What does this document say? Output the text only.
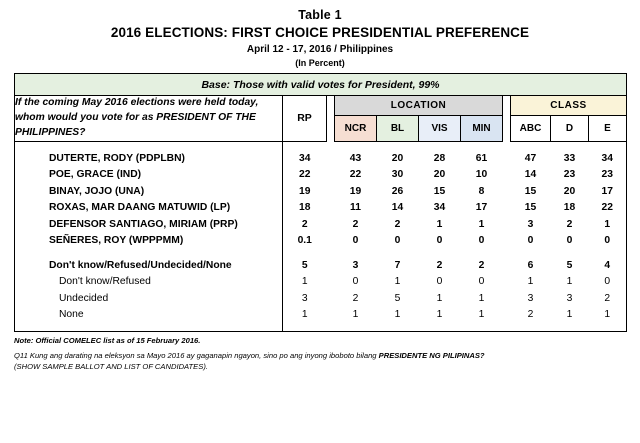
Table 1
2016 ELECTIONS: FIRST CHOICE PRESIDENTIAL PREFERENCE
April 12 - 17, 2016 / Philippines
(In Percent)
Base: Those with valid votes for President, 99%										
If the coming May 2016 elections were held today, whom would you vote for as PRESIDENT OF THE PHILIPPINES?	RP		LOCATION					CLASS		
			NCR	BL	VIS	MIN		ABC	D	E

DUTERTE, RODY (PDPLBN)	34		43	20	28	61		47	33	34
POE, GRACE (IND)	22		22	30	20	10		14	23	23
BINAY, JOJO (UNA)	19		19	26	15	8		15	20	17
ROXAS, MAR DAANG MATUWID (LP)	18		11	14	34	17		15	18	22
DEFENSOR SANTIAGO, MIRIAM (PRP)	2		2	2	1	1		3	2	1
SEÑERES, ROY (WPPPMM)	0.1		0	0	0	0		0	0	0

Don't know/Refused/Undecided/None	5		3	7	2	2		6	5	4
Don't know/Refused	1		0	1	0	0		1	1	0
Undecided	3		2	5	1	1		3	3	2
None	1		1	1	1	1		2	1	1

Note: Official COMELEC list as of 15 February 2016.
Q11 Kung ang darating na eleksyon sa Mayo 2016 ay gaganapin ngayon, sino po ang inyong iboboto bilang PRESIDENTE NG PILIPINAS?
(SHOW SAMPLE BALLOT AND LIST OF CANDIDATES).
